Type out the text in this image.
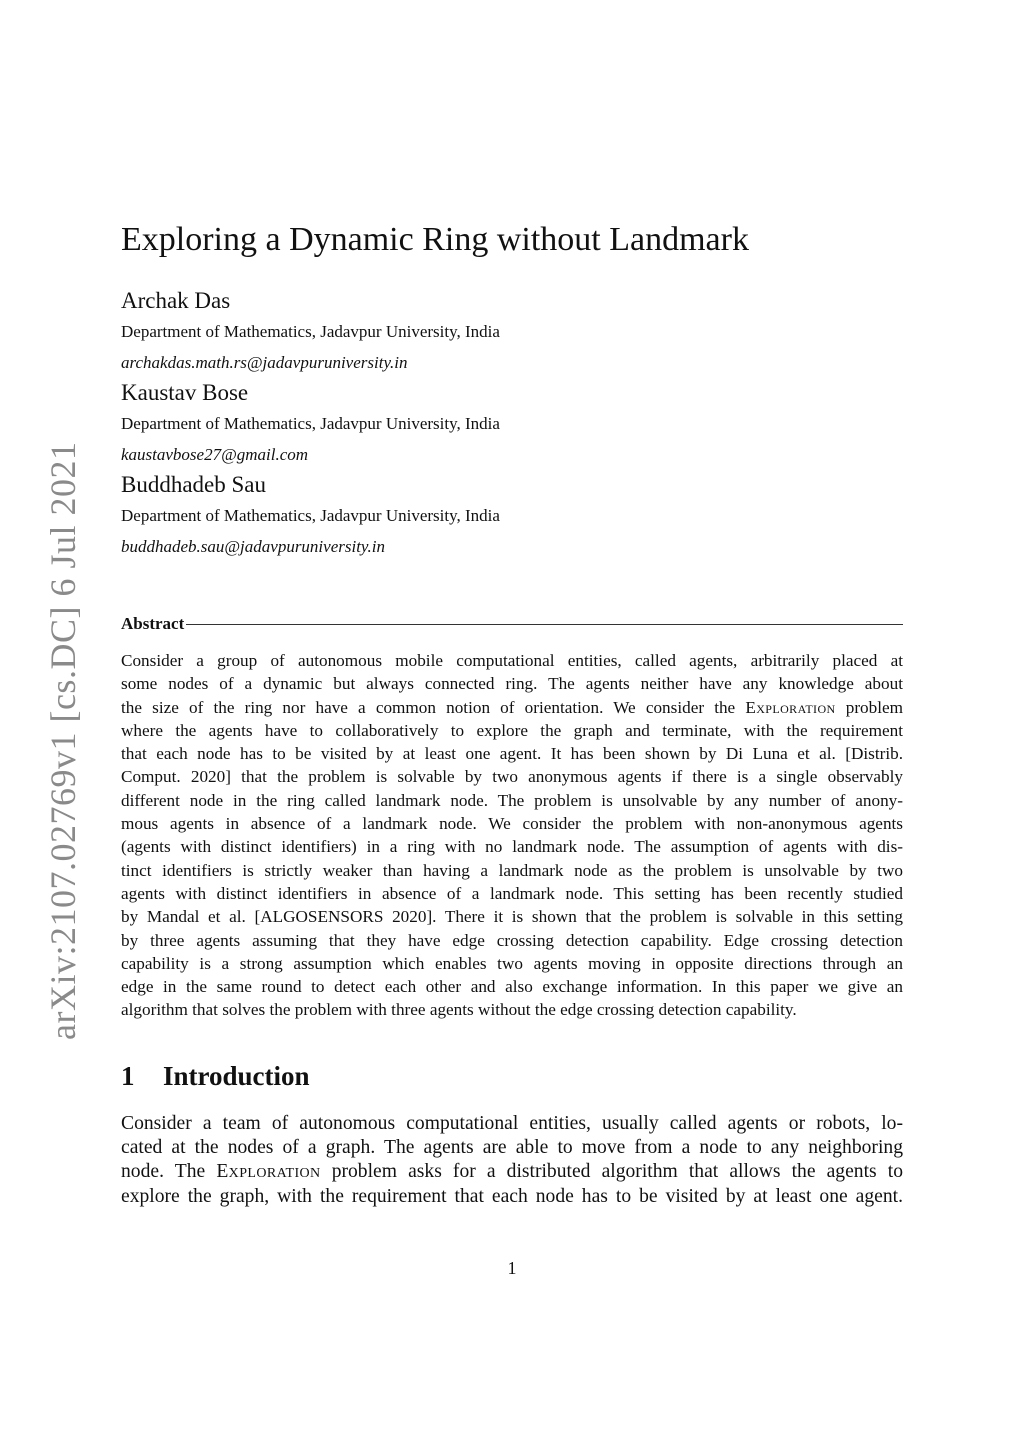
arXiv:2107.02769v1 [cs.DC] 6 Jul 2021
Exploring a Dynamic Ring without Landmark
Archak Das
Department of Mathematics, Jadavpur University, India
archakdas.math.rs@jadavpuruniversity.in
Kaustav Bose
Department of Mathematics, Jadavpur University, India
kaustavbose27@gmail.com
Buddhadeb Sau
Department of Mathematics, Jadavpur University, India
buddhadeb.sau@jadavpuruniversity.in
Abstract
Consider a group of autonomous mobile computational entities, called agents, arbitrarily placed at
some nodes of a dynamic but always connected ring. The agents neither have any knowledge about
the size of the ring nor have a common notion of orientation. We consider the Exploration problem
where the agents have to collaboratively to explore the graph and terminate, with the requirement
that each node has to be visited by at least one agent. It has been shown by Di Luna et al. [Distrib.
Comput. 2020] that the problem is solvable by two anonymous agents if there is a single observably
different node in the ring called landmark node. The problem is unsolvable by any number of anony-
mous agents in absence of a landmark node. We consider the problem with non-anonymous agents
(agents with distinct identifiers) in a ring with no landmark node. The assumption of agents with dis-
tinct identifiers is strictly weaker than having a landmark node as the problem is unsolvable by two
agents with distinct identifiers in absence of a landmark node. This setting has been recently studied
by Mandal et al. [ALGOSENSORS 2020]. There it is shown that the problem is solvable in this setting
by three agents assuming that they have edge crossing detection capability. Edge crossing detection
capability is a strong assumption which enables two agents moving in opposite directions through an
edge in the same round to detect each other and also exchange information. In this paper we give an
algorithm that solves the problem with three agents without the edge crossing detection capability.
1 Introduction
Consider a team of autonomous computational entities, usually called agents or robots, lo-
cated at the nodes of a graph. The agents are able to move from a node to any neighboring
node. The Exploration problem asks for a distributed algorithm that allows the agents to
explore the graph, with the requirement that each node has to be visited by at least one agent.
1
